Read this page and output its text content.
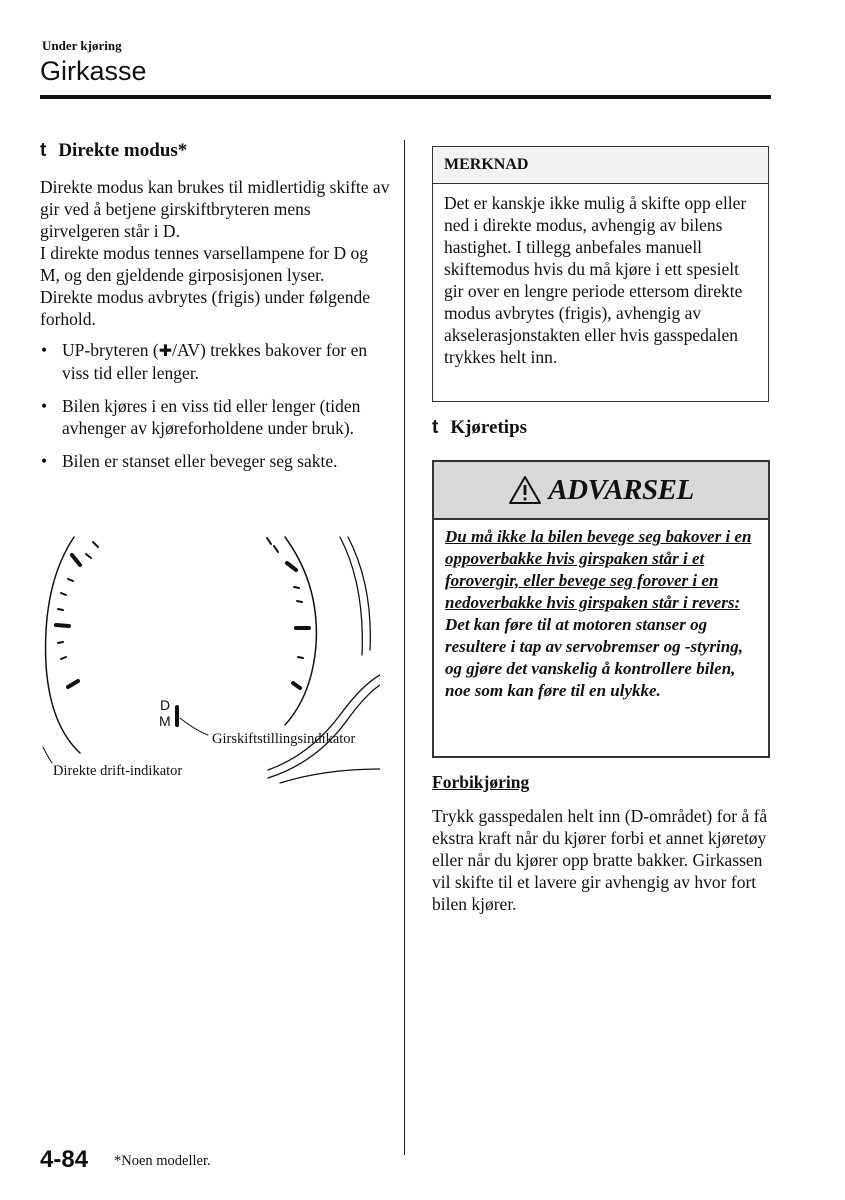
Under kjøring
Girkasse
t Direkte modus*

Direkte modus kan brukes til midlertidig skifte av gir ved å betjene girskiftbryteren mens girvelgeren står i D.

I direkte modus tennes varsellampene for D og M, og den gjeldende girposisjonen lyser.

Direkte modus avbrytes (frigis) under følgende forhold.

• UP-bryteren (✚/AV) trekkes bakover for en viss tid eller lenger.
• Bilen kjøres i en viss tid eller lenger (tiden avhenger av kjøreforholdene under bruk).
• Bilen er stanset eller beveger seg sakte.
D
M
Girskiftstillingsindikator
Direkte drift-indikator
MERKNAD
Det er kanskje ikke mulig å skifte opp eller ned i direkte modus, avhengig av bilens hastighet. I tillegg anbefales manuell skiftemodus hvis du må kjøre i ett spesielt gir over en lengre periode ettersom direkte modus avbrytes (frigis), avhengig av akselerasjonstakten eller hvis gasspedalen trykkes helt inn.
t Kjøretips
ADVARSEL
Du må ikke la bilen bevege seg bakover i en oppoverbakke hvis girspaken står i et forovergir, eller bevege seg forover i en nedoverbakke hvis girspaken står i revers: Det kan føre til at motoren stanser og resultere i tap av servobremser og -styring, og gjøre det vanskelig å kontrollere bilen, noe som kan føre til en ulykke.
Forbikjøring
Trykk gasspedalen helt inn (D-området) for å få ekstra kraft når du kjører forbi et annet kjøretøy eller når du kjører opp bratte bakker. Girkassen vil skifte til et lavere gir avhengig av hvor fort bilen kjører.
4-84 *Noen modeller.
